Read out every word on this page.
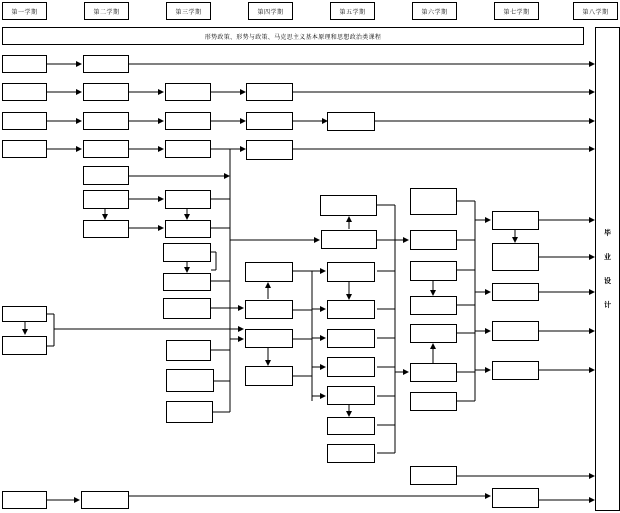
第一学期	第二学期	第三学期	第四学期	第五学期	第六学期	第七学期	第八学期
形势政策、形势与政策、马克思主义基本原理和思想政治类课程
毕
业
设
计
